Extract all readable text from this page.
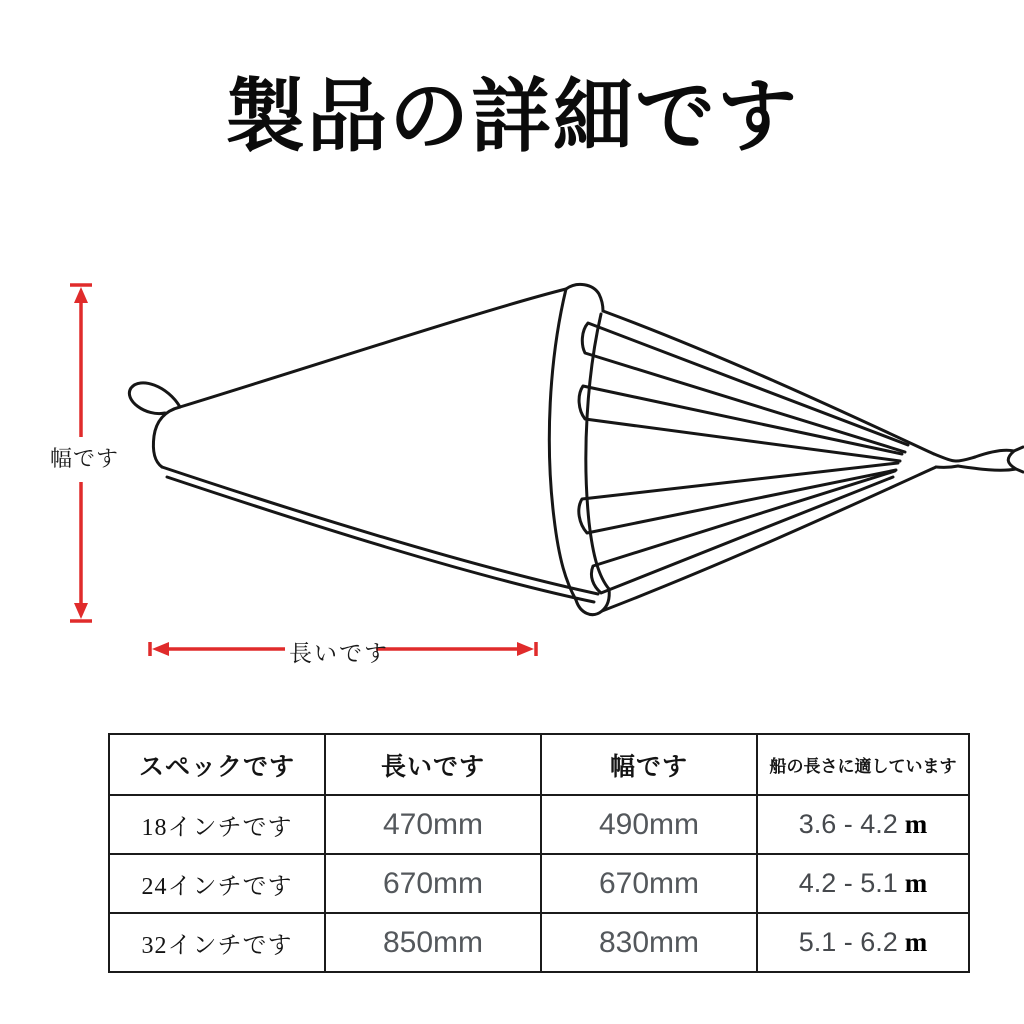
製品の詳細です
幅です
長いです
スペックです	長いです	幅です	船の長さに適しています
18インチです	470mm	490mm	3.6 - 4.2 m
24インチです	670mm	670mm	4.2 - 5.1 m
32インチです	850mm	830mm	5.1 - 6.2 m
